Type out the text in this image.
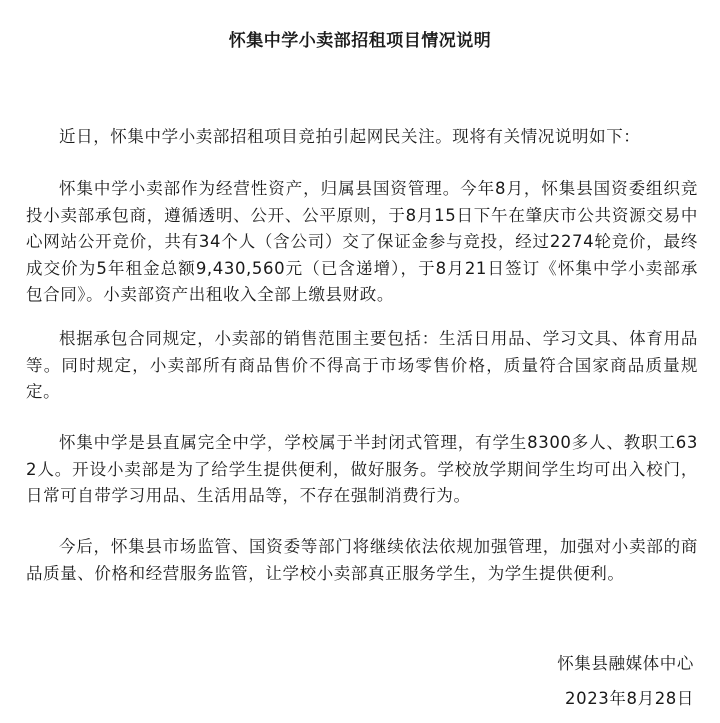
怀集中学小卖部招租项目情况说明

近日，怀集中学小卖部招租项目竞拍引起网民关注。现将有关情况说明如下：

怀集中学小卖部作为经营性资产，归属县国资管理。今年8月，怀集县国资委组织竞投小卖部承包商，遵循透明、公开、公平原则，于8月15日下午在肇庆市公共资源交易中心网站公开竞价，共有34个人（含公司）交了保证金参与竞投，经过2274轮竞价，最终成交价为5年租金总额9,430,560元（已含递增），于8月21日签订《怀集中学小卖部承包合同》。小卖部资产出租收入全部上缴县财政。

根据承包合同规定，小卖部的销售范围主要包括：生活日用品、学习文具、体育用品等。同时规定，小卖部所有商品售价不得高于市场零售价格，质量符合国家商品质量规定。

怀集中学是县直属完全中学，学校属于半封闭式管理，有学生8300多人、教职工632人。开设小卖部是为了给学生提供便利，做好服务。学校放学期间学生均可出入校门，日常可自带学习用品、生活用品等，不存在强制消费行为。

今后，怀集县市场监管、国资委等部门将继续依法依规加强管理，加强对小卖部的商品质量、价格和经营服务监管，让学校小卖部真正服务学生，为学生提供便利。

怀集县融媒体中心
2023年8月28日
